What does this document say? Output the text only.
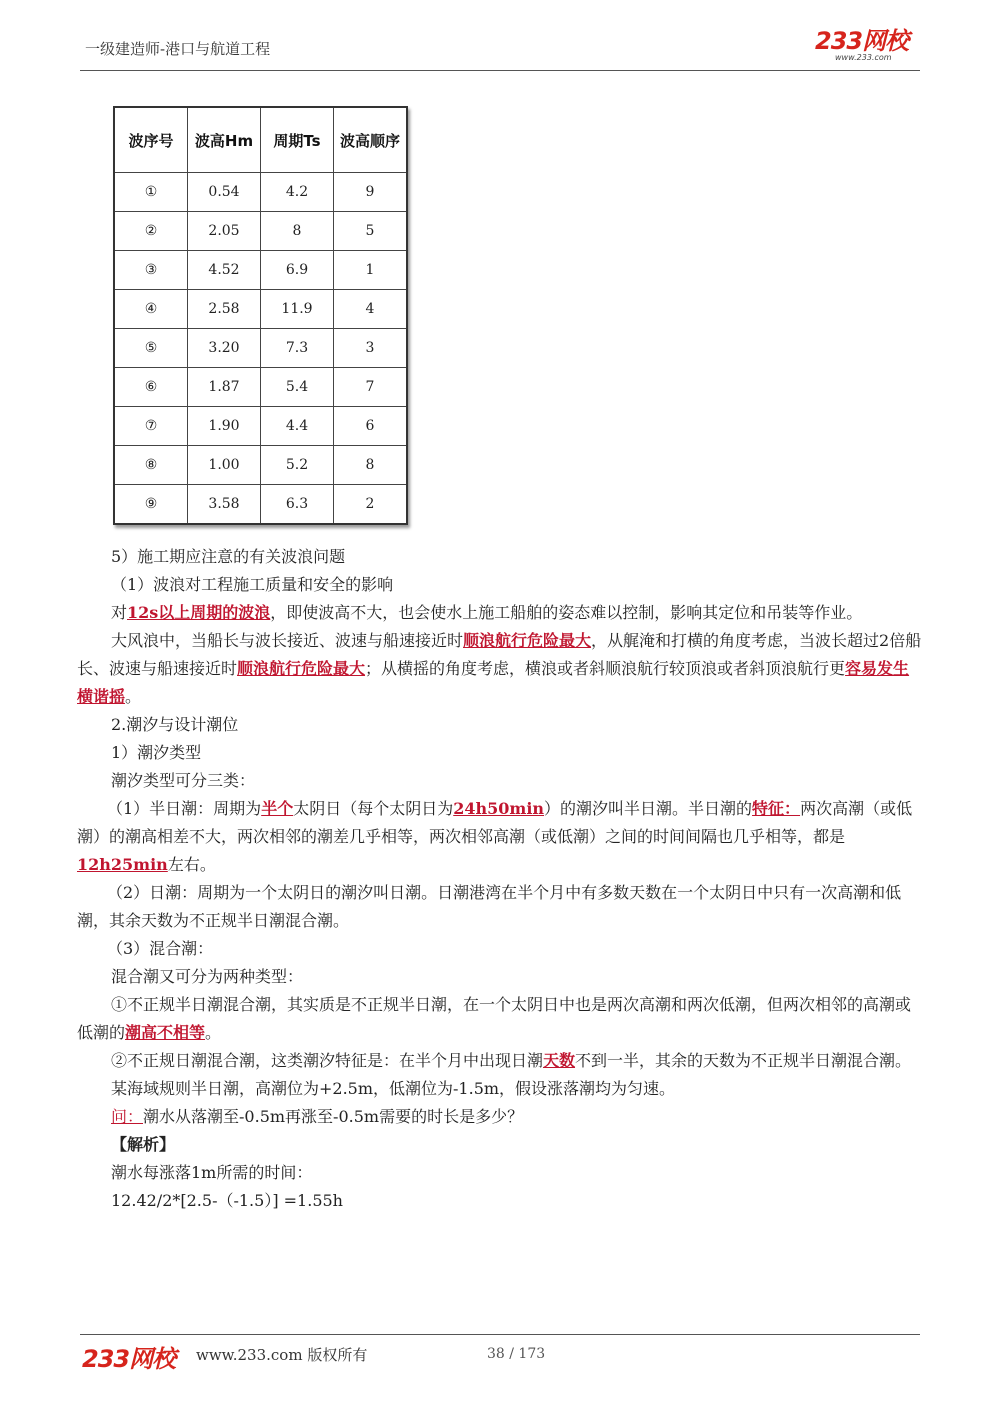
一级建造师-港口与航道工程	233网校
www.233.com
波序号	波高Hm	周期Ts	波高顺序
①	0.54	4.2	9
②	2.05	8	5
③	4.52	6.9	1
④	2.58	11.9	4
⑤	3.20	7.3	3
⑥	1.87	5.4	7
⑦	1.90	4.4	6
⑧	1.00	5.2	8
⑨	3.58	6.3	2

5）施工期应注意的有关波浪问题

（1）波浪对工程施工质量和安全的影响

对12s以上周期的波浪，即使波高不大，也会使水上施工船舶的姿态难以控制，影响其定位和吊装等作业。

大风浪中，当船长与波长接近、波速与船速接近时顺浪航行危险最大，从艉淹和打横的角度考虑，当波长超过2倍船长、波速与船速接近时顺浪航行危险最大；从横摇的角度考虑，横浪或者斜顺浪航行较顶浪或者斜顶浪航行更容易发生横谐摇。

2.潮汐与设计潮位

1）潮汐类型

潮汐类型可分三类：

（1）半日潮：周期为半个太阴日（每个太阴日为24h50min）的潮汐叫半日潮。半日潮的特征：两次高潮（或低潮）的潮高相差不大，两次相邻的潮差几乎相等，两次相邻高潮（或低潮）之间的时间间隔也几乎相等，都是12h25min左右。

（2）日潮：周期为一个太阴日的潮汐叫日潮。日潮港湾在半个月中有多数天数在一个太阴日中只有一次高潮和低潮，其余天数为不正规半日潮混合潮。

（3）混合潮：

混合潮又可分为两种类型：

①不正规半日潮混合潮，其实质是不正规半日潮，在一个太阴日中也是两次高潮和两次低潮，但两次相邻的高潮或低潮的潮高不相等。

②不正规日潮混合潮，这类潮汐特征是：在半个月中出现日潮天数不到一半，其余的天数为不正规半日潮混合潮。

某海域规则半日潮，高潮位为+2.5m，低潮位为-1.5m，假设涨落潮均为匀速。

问：潮水从落潮至-0.5m再涨至-0.5m需要的时长是多少？

【解析】

潮水每涨落1m所需的时间：

12.42/2*[2.5-（-1.5）] =1.55h

233网校 www.233.com 版权所有	38 / 173
